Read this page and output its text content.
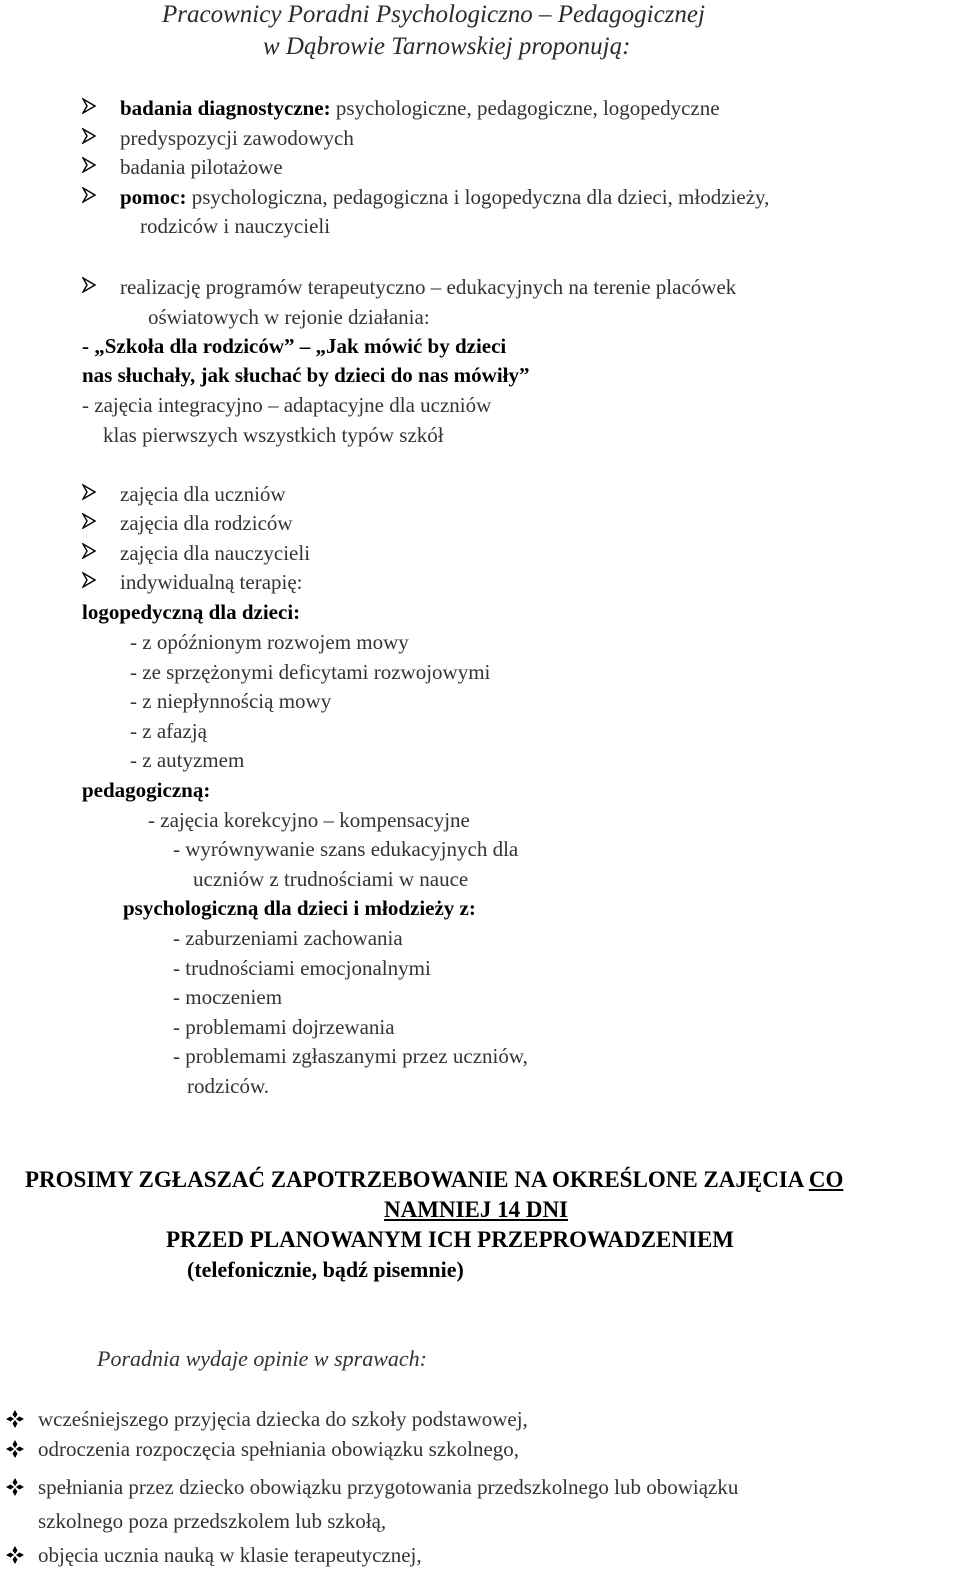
Pracownicy Poradni Psychologiczno – Pedagogicznej
w Dąbrowie Tarnowskiej proponują:
badania diagnostyczne: psychologiczne, pedagogiczne, logopedyczne
predyspozycji zawodowych
badania pilotażowe
pomoc: psychologiczna, pedagogiczna i logopedyczna dla dzieci, młodzieży,
rodziców i nauczycieli
realizację programów terapeutyczno – edukacyjnych na terenie placówek
oświatowych w rejonie działania:
- „Szkoła dla rodziców” – „Jak mówić by dzieci
nas słuchały, jak słuchać by dzieci do nas mówiły”
- zajęcia integracyjno – adaptacyjne dla uczniów
klas pierwszych wszystkich typów szkół
zajęcia dla uczniów
zajęcia dla rodziców
zajęcia dla nauczycieli
indywidualną terapię:
logopedyczną dla dzieci:
- z opóźnionym rozwojem mowy
- ze sprzężonymi deficytami rozwojowymi
- z niepłynnością mowy
- z afazją
- z autyzmem
pedagogiczną:
- zajęcia korekcyjno – kompensacyjne
- wyrównywanie szans edukacyjnych dla
uczniów z trudnościami w nauce
psychologiczną dla dzieci i młodzieży z:
- zaburzeniami zachowania
- trudnościami emocjonalnymi
- moczeniem
- problemami dojrzewania
- problemami zgłaszanymi przez uczniów,
rodziców.
PROSIMY ZGŁASZAĆ ZAPOTRZEBOWANIE NA OKREŚLONE ZAJĘCIA CO
NAMNIEJ 14 DNI
PRZED PLANOWANYM ICH PRZEPROWADZENIEM
(telefonicznie, bądź pisemnie)
Poradnia wydaje opinie w sprawach:
wcześniejszego przyjęcia dziecka do szkoły podstawowej,
odroczenia rozpoczęcia spełniania obowiązku szkolnego,
spełniania przez dziecko obowiązku przygotowania przedszkolnego lub obowiązku
szkolnego poza przedszkolem lub szkołą,
objęcia ucznia nauką w klasie terapeutycznej,
